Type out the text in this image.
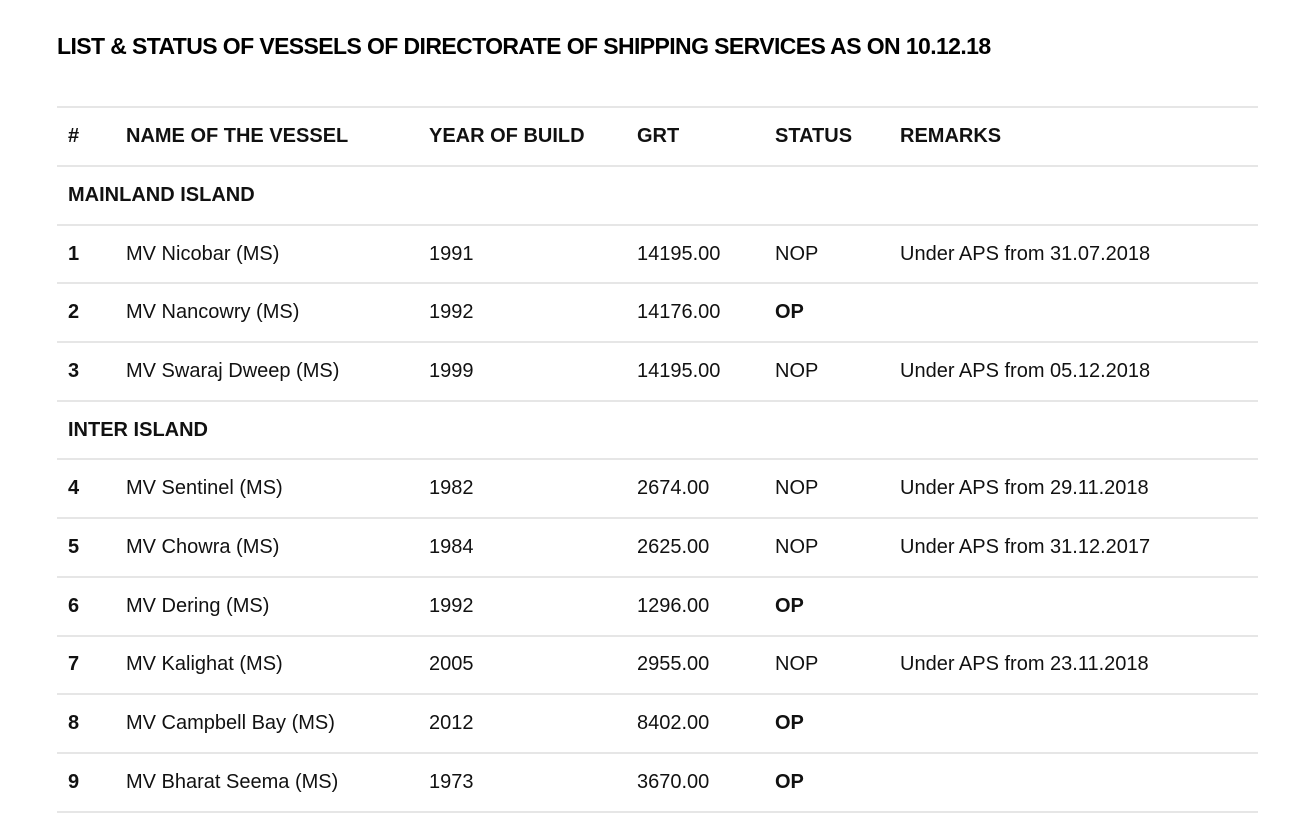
LIST & STATUS OF VESSELS OF DIRECTORATE OF SHIPPING SERVICES AS ON 10.12.18
#	NAME OF THE VESSEL	YEAR OF BUILD	GRT	STATUS	REMARKS
MAINLAND ISLAND					
1	MV Nicobar (MS)	1991	14195.00	NOP	Under APS from 31.07.2018
2	MV Nancowry (MS)	1992	14176.00	OP	
3	MV Swaraj Dweep (MS)	1999	14195.00	NOP	Under APS from 05.12.2018
INTER ISLAND					
4	MV Sentinel (MS)	1982	2674.00	NOP	Under APS from 29.11.2018
5	MV Chowra (MS)	1984	2625.00	NOP	Under APS from 31.12.2017
6	MV Dering (MS)	1992	1296.00	OP	
7	MV Kalighat (MS)	2005	2955.00	NOP	Under APS from 23.11.2018
8	MV Campbell Bay (MS)	2012	8402.00	OP	
9	MV Bharat Seema (MS)	1973	3670.00	OP	
